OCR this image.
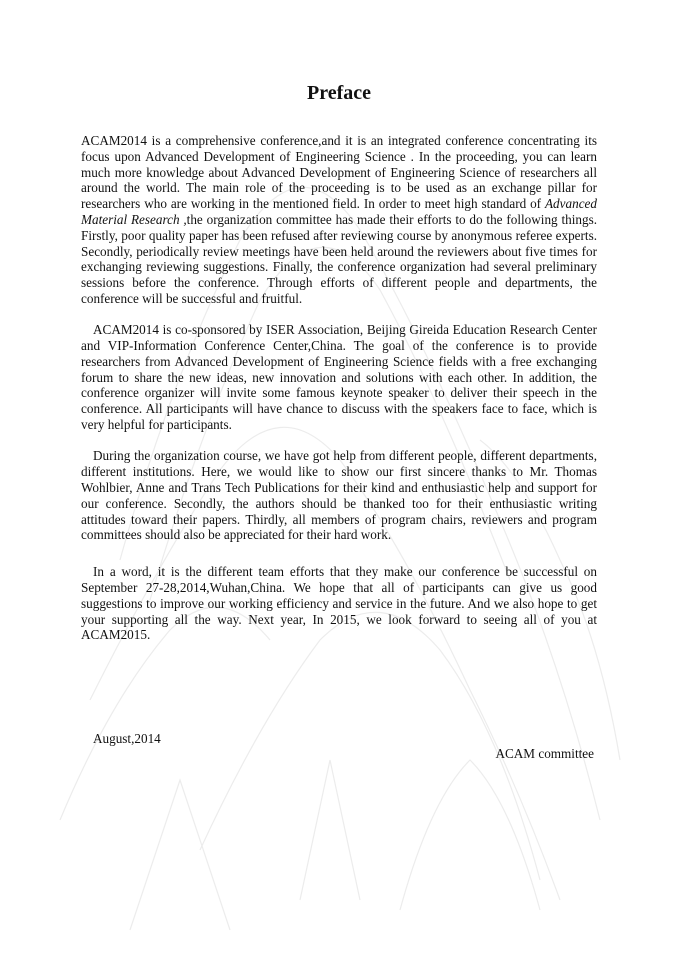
Preface

ACAM2014 is a comprehensive conference,and it is an integrated conference concentrating its focus upon Advanced Development of Engineering Science . In the proceeding, you can learn much more knowledge about Advanced Development of Engineering Science of researchers all around the world. The main role of the proceeding is to be used as an exchange pillar for researchers who are working in the mentioned field. In order to meet high standard of Advanced Material Research ,the organization committee has made their efforts to do the following things. Firstly, poor quality paper has been refused after reviewing course by anonymous referee experts. Secondly, periodically review meetings have been held around the reviewers about five times for exchanging reviewing suggestions. Finally, the conference organization had several preliminary sessions before the conference. Through efforts of different people and departments, the conference will be successful and fruitful.

ACAM2014 is co-sponsored by ISER Association, Beijing Gireida Education Research Center and VIP-Information Conference Center,China. The goal of the conference is to provide researchers from Advanced Development of Engineering Science fields with a free exchanging forum to share the new ideas, new innovation and solutions with each other. In addition, the conference organizer will invite some famous keynote speaker to deliver their speech in the conference. All participants will have chance to discuss with the speakers face to face, which is very helpful for participants.

During the organization course, we have got help from different people, different departments, different institutions. Here, we would like to show our first sincere thanks to Mr. Thomas Wohlbier, Anne and Trans Tech Publications for their kind and enthusiastic help and support for our conference. Secondly, the authors should be thanked too for their enthusiastic writing attitudes toward their papers. Thirdly, all members of program chairs, reviewers and program committees should also be appreciated for their hard work.

In a word, it is the different team efforts that they make our conference be successful on September 27-28,2014,Wuhan,China. We hope that all of participants can give us good suggestions to improve our working efficiency and service in the future. And we also hope to get your supporting all the way. Next year, In 2015, we look forward to seeing all of you at ACAM2015.

August,2014
ACAM committee
